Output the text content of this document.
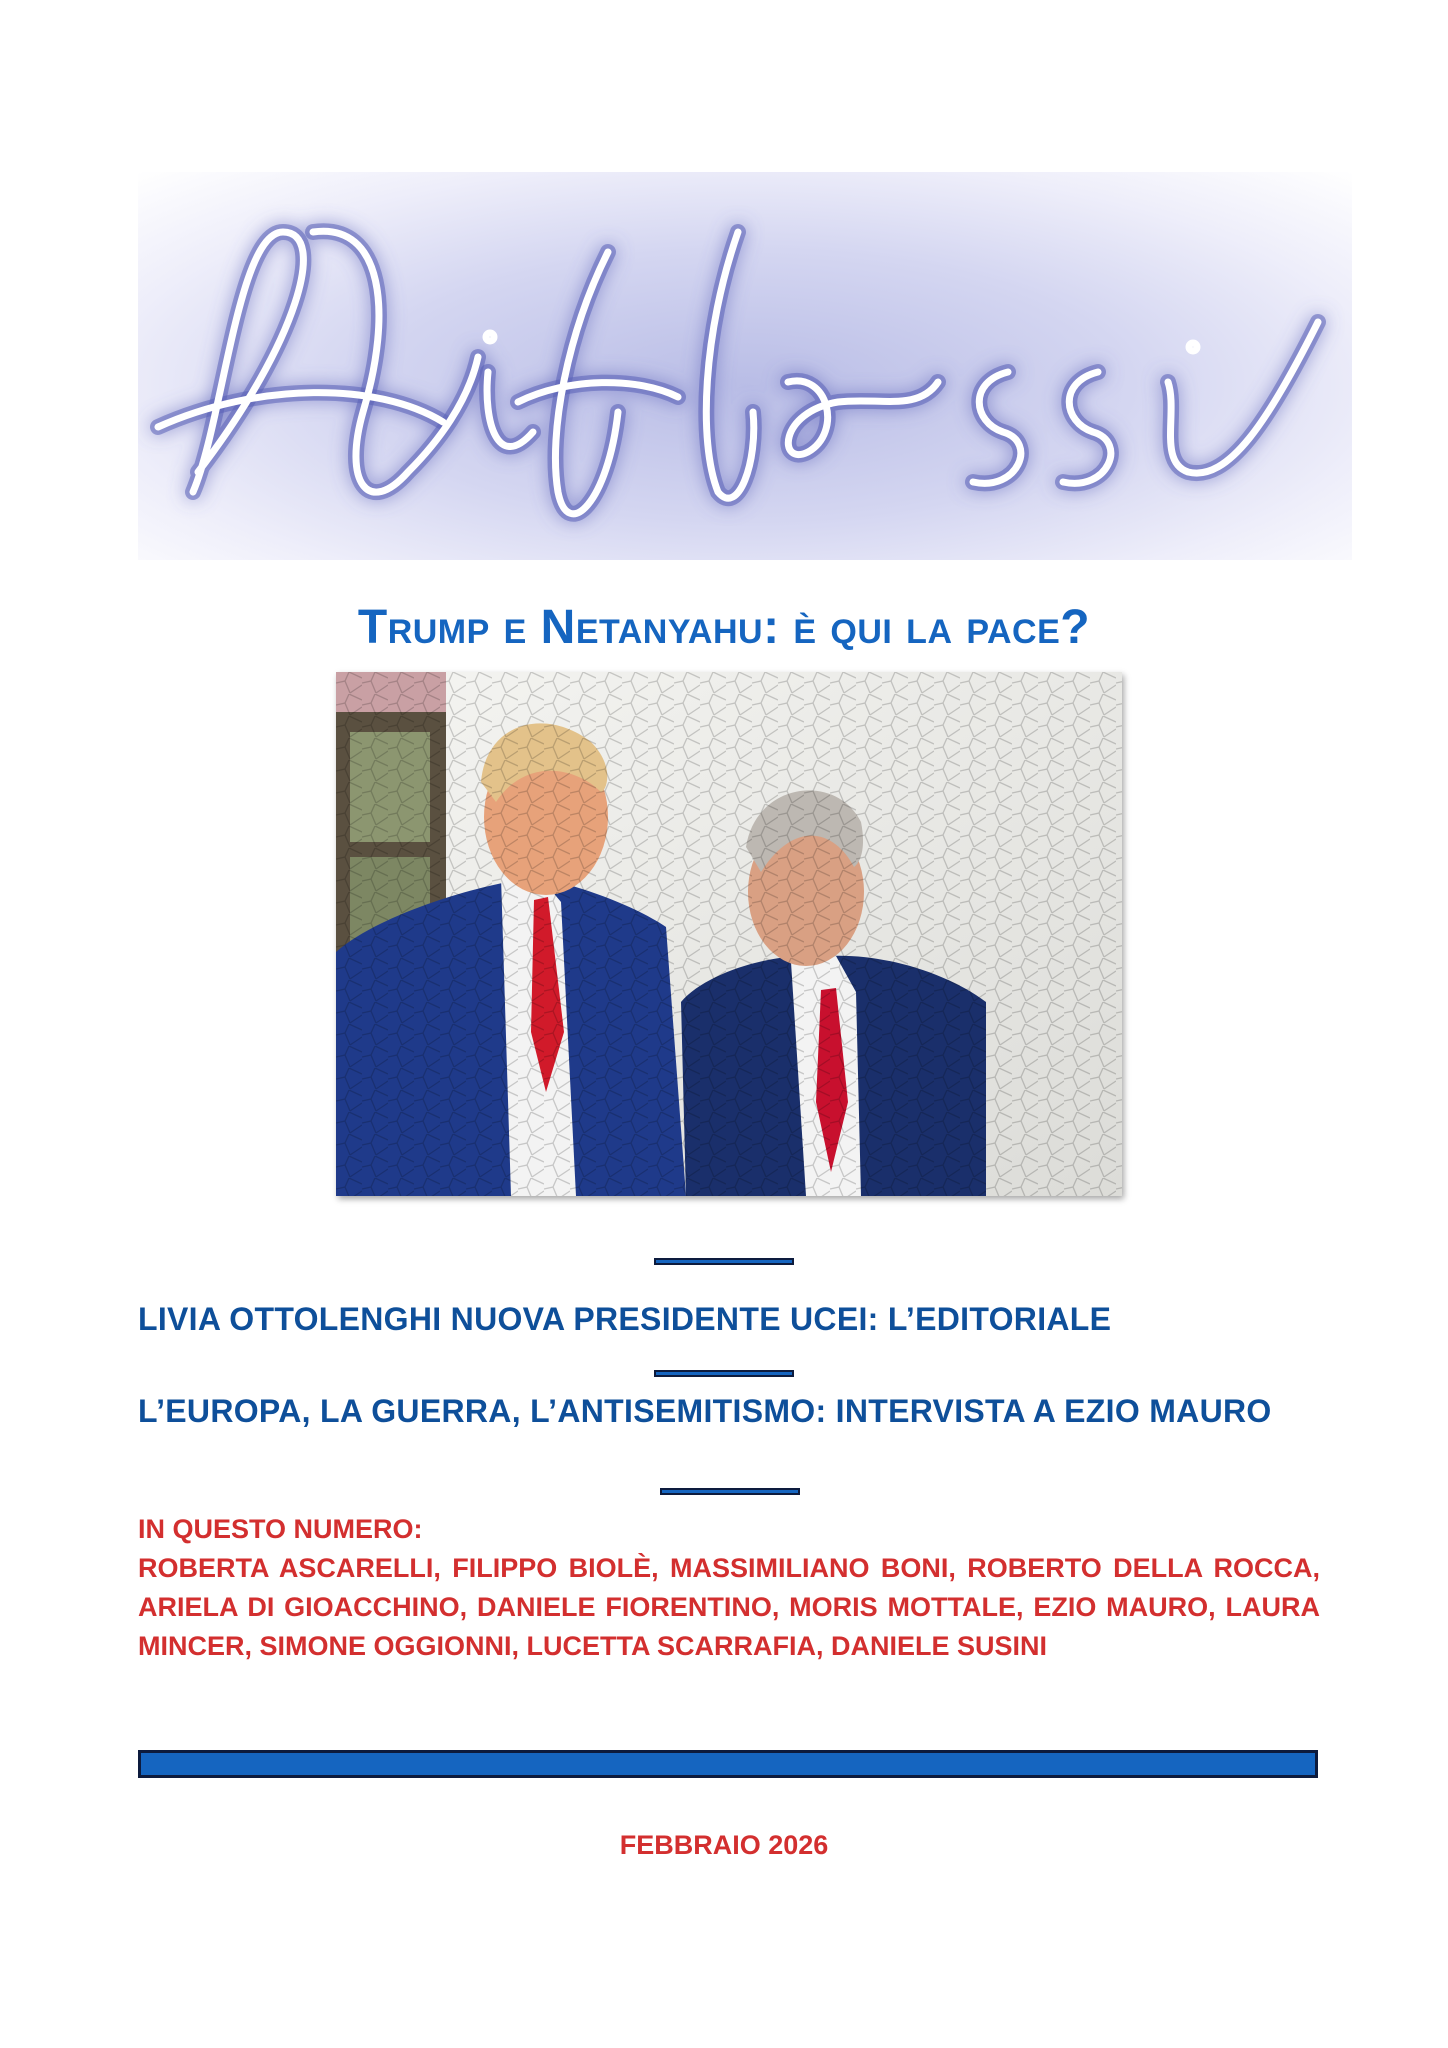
Trump e Netanyahu: è qui la pace?
LIVIA OTTOLENGHI NUOVA PRESIDENTE UCEI: L’EDITORIALE
L’EUROPA, LA GUERRA, L’ANTISEMITISMO: INTERVISTA A EZIO MAURO
IN QUESTO NUMERO:
ROBERTA ASCARELLI, FILIPPO BIOLÈ, MASSIMILIANO BONI, ROBERTO DELLA ROCCA, ARIELA DI GIOACCHINO, DANIELE FIORENTINO, MORIS MOTTALE, EZIO MAURO, LAURA MINCER, SIMONE OGGIONNI, LUCETTA SCARRAFIA, DANIELE SUSINI
FEBBRAIO 2026
